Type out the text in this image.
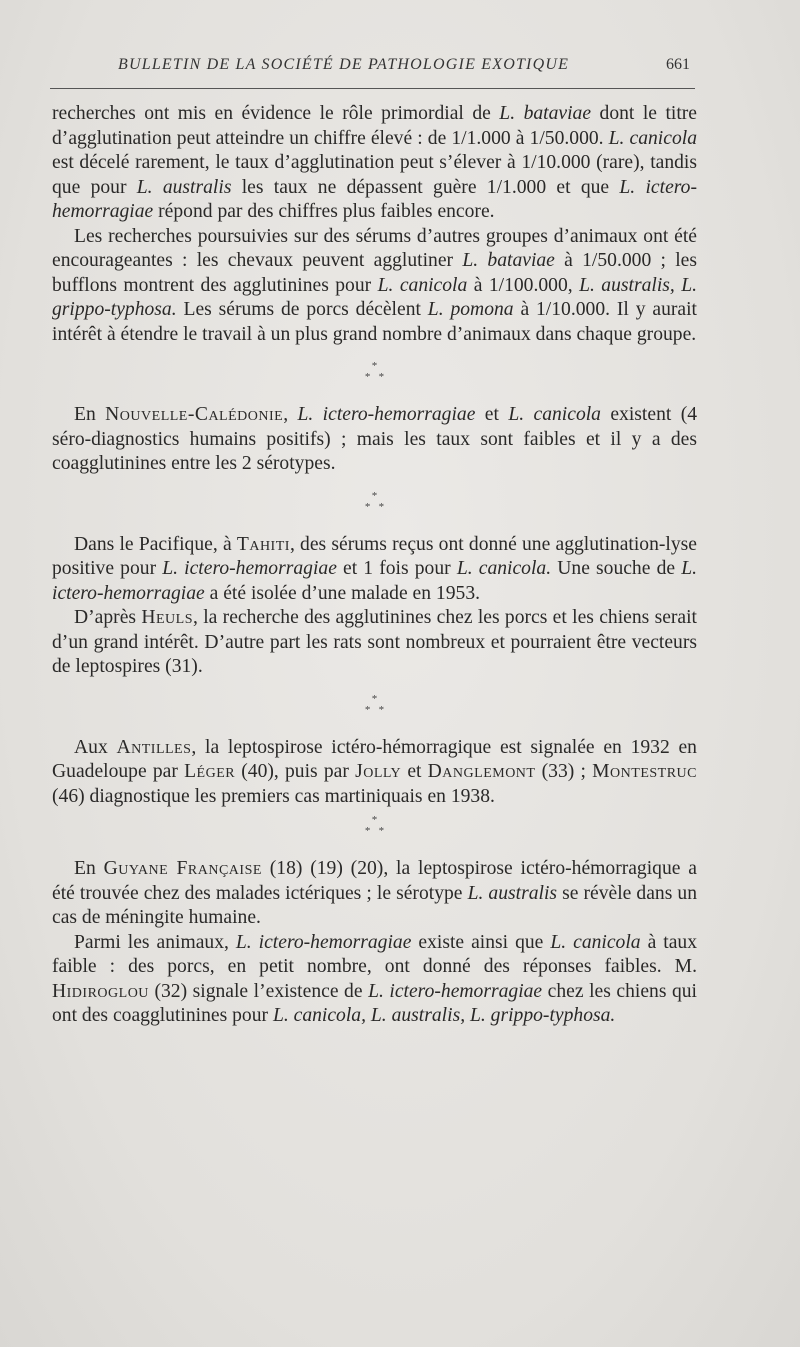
BULLETIN DE LA SOCIÉTÉ DE PATHOLOGIE EXOTIQUE	661

recherches ont mis en évidence le rôle primordial de L. bataviae dont le titre d’agglutination peut atteindre un chiffre élevé : de 1/1.000 à 1/50.000. L. canicola est décelé rarement, le taux d’agglutination peut s’élever à 1/10.000 (rare), tandis que pour L. australis les taux ne dépassent guère 1/1.000 et que L. ictero-hemorragiae répond par des chiffres plus faibles encore.

Les recherches poursuivies sur des sérums d’autres groupes d’animaux ont été encourageantes : les chevaux peuvent agglutiner L. bataviae à 1/50.000 ; les bufflons montrent des agglutinines pour L. canicola à 1/100.000, L. australis, L. grippo-typhosa. Les sérums de porcs décèlent L. pomona à 1/10.000. Il y aurait intérêt à étendre le travail à un plus grand nombre d’animaux dans chaque groupe.

*
* *

En Nouvelle-Calédonie, L. ictero-hemorragiae et L. canicola existent (4 séro-diagnostics humains positifs) ; mais les taux sont faibles et il y a des coagglutinines entre les 2 sérotypes.

*
* *

Dans le Pacifique, à Tahiti, des sérums reçus ont donné une agglutination-lyse positive pour L. ictero-hemorragiae et 1 fois pour L. canicola. Une souche de L. ictero-hemorragiae a été isolée d’une malade en 1953.

D’après Heuls, la recherche des agglutinines chez les porcs et les chiens serait d’un grand intérêt. D’autre part les rats sont nombreux et pourraient être vecteurs de leptospires (31).

*
* *

Aux Antilles, la leptospirose ictéro-hémorragique est signalée en 1932 en Guadeloupe par Léger (40), puis par Jolly et Danglemont (33) ; Montestruc (46) diagnostique les premiers cas martiniquais en 1938.

*
* *

En Guyane Française (18) (19) (20), la leptospirose ictéro-hémorragique a été trouvée chez des malades ictériques ; le sérotype L. australis se révèle dans un cas de méningite humaine.

Parmi les animaux, L. ictero-hemorragiae existe ainsi que L. canicola à taux faible : des porcs, en petit nombre, ont donné des réponses faibles. M. Hidiroglou (32) signale l’existence de L. ictero-hemorragiae chez les chiens qui ont des coagglutinines pour L. canicola, L. australis, L. grippo-typhosa.
